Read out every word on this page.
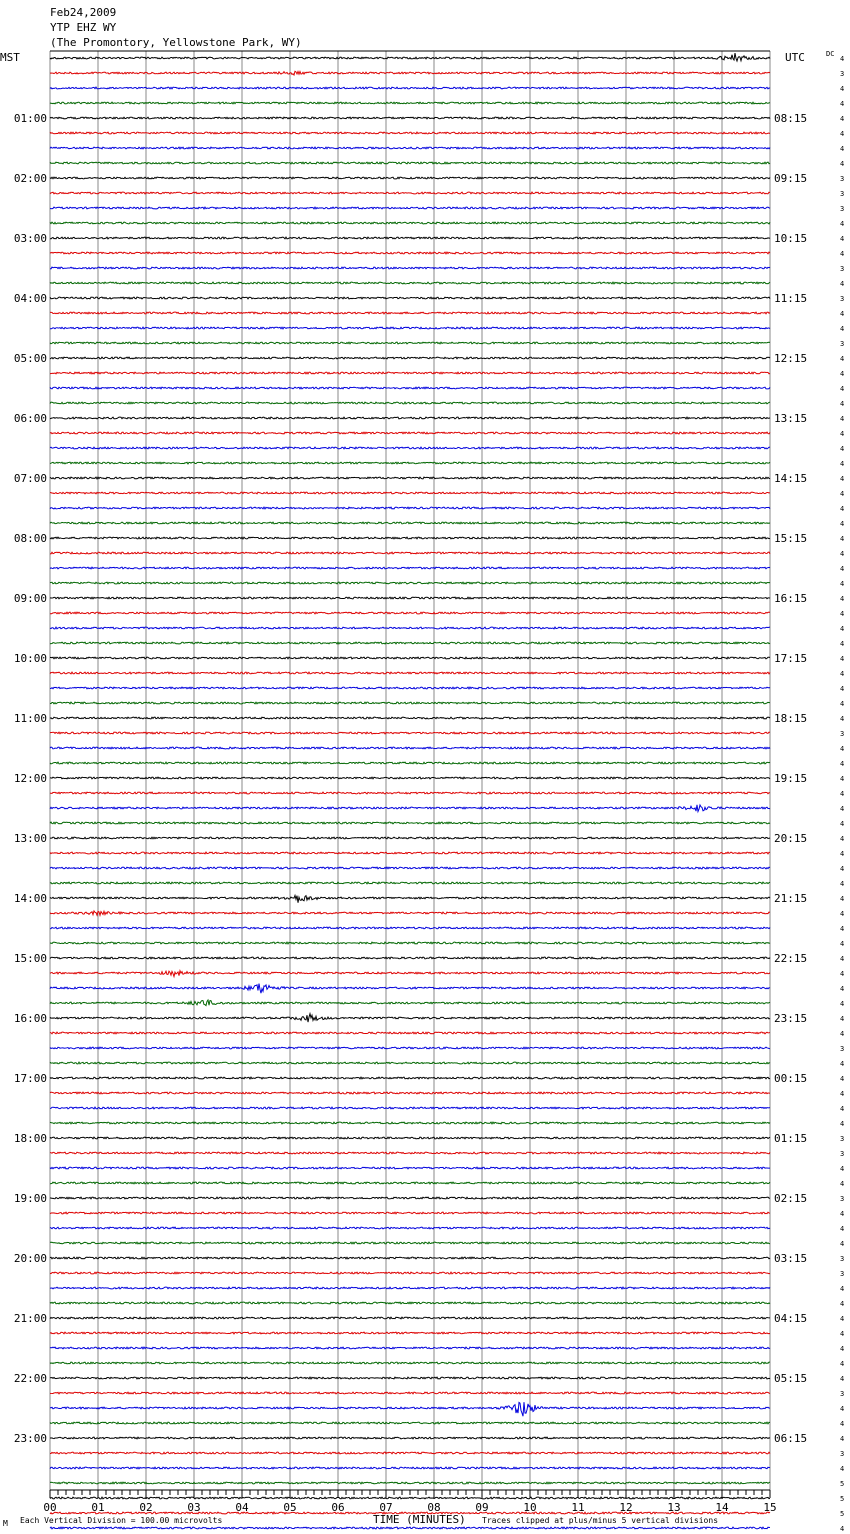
Feb24,2009
YTP EHZ WY
(The Promontory, Yellowstone Park, WY)
MST	UTC	DC
01:00
02:00
03:00
04:00
05:00
06:00
07:00
08:00
09:00
10:00
11:00
12:00
13:00
14:00
15:00
16:00
17:00
18:00
19:00
20:00
21:00
22:00
23:00
08:15
09:15
10:15
11:15
12:15
13:15
14:15
15:15
16:15
17:15
18:15
19:15
20:15
21:15
22:15
23:15
00:15
01:15
02:15
03:15
04:15
05:15
06:15
4
3
4
4
4
4
4
4
3
3
3
4
4
4
3
4
3
4
4
3
4
4
4
4
4
4
4
4
4
4
4
4
4
4
4
4
4
4
4
4
4
4
4
4
4
3
4
4
4
4
4
4
4
4
4
4
4
4
4
4
4
4
4
4
4
4
3
4
4
4
4
4
3
3
4
4
3
4
4
4
3
3
4
4
4
4
4
4
4
3
4
4
4
3
4
5
5
5
4
00	01	02	03	04	05	06	07	08	09	10	11	12	13	14	15
M Each Vertical Division = 100.00 microvolts	TIME (MINUTES) Traces clipped at plus/minus 5 vertical divisions
